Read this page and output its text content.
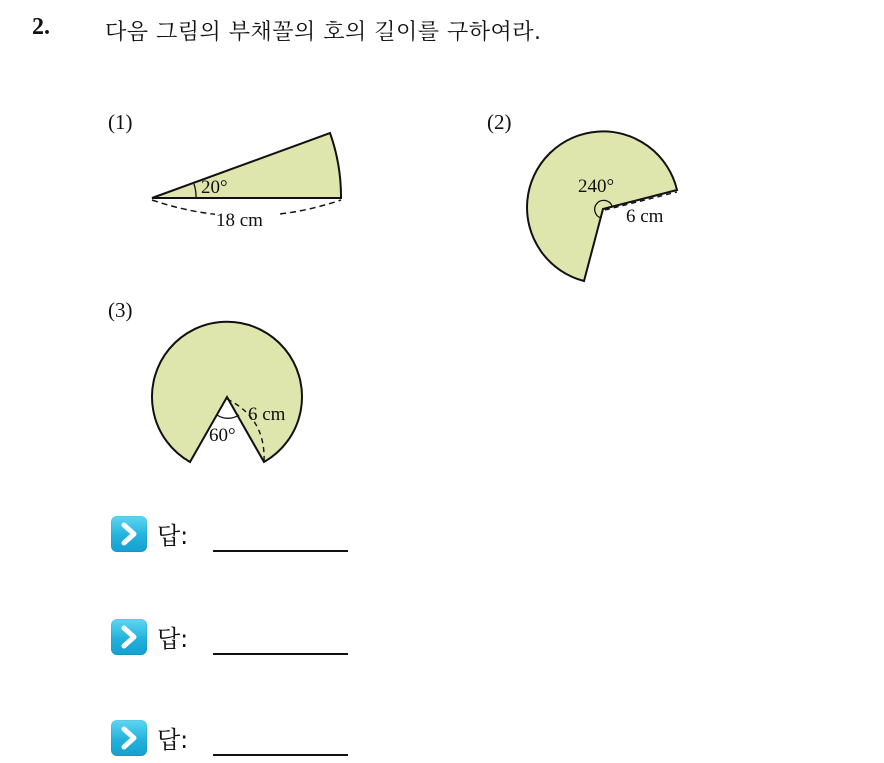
2.	다음 그림의 부채꼴의 호의 길이를 구하여라.
(1)
20°
18 cm
(2)
240°
6 cm
(3)
60°
6 cm
답:
답:
답:
